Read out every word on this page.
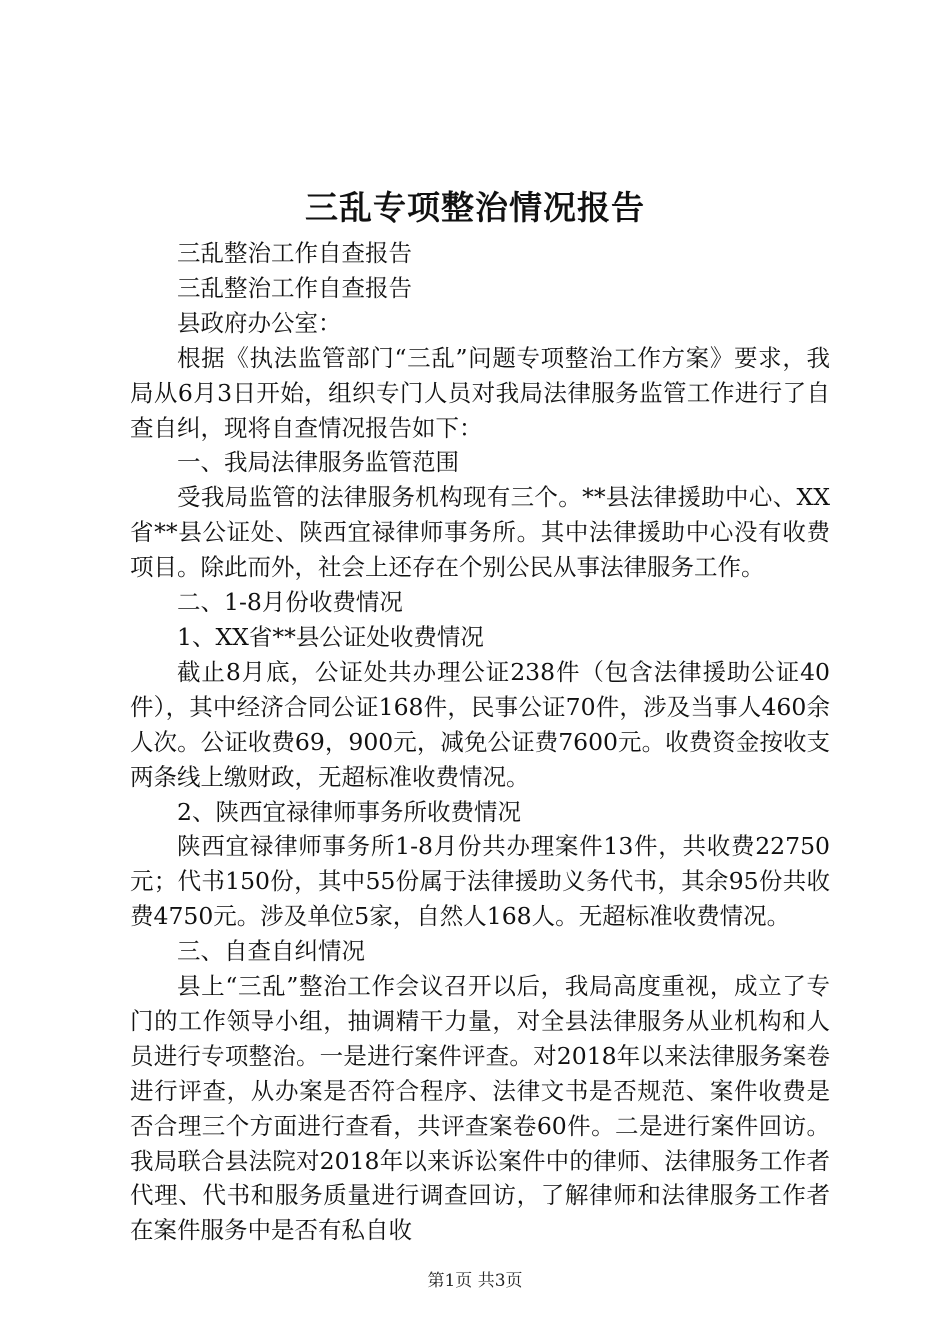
三乱专项整治情况报告

三乱整治工作自查报告

三乱整治工作自查报告

县政府办公室：

根据《执法监管部门“三乱”问题专项整治工作方案》要求，我局从6月3日开始，组织专门人员对我局法律服务监管工作进行了自查自纠，现将自查情况报告如下：

一、我局法律服务监管范围

受我局监管的法律服务机构现有三个。**县法律援助中心、XX省**县公证处、陕西宜禄律师事务所。其中法律援助中心没有收费项目。除此而外，社会上还存在个别公民从事法律服务工作。

二、1-8月份收费情况

1、XX省**县公证处收费情况

截止8月底，公证处共办理公证238件（包含法律援助公证40件），其中经济合同公证168件，民事公证70件，涉及当事人460余人次。公证收费69，900元，减免公证费7600元。收费资金按收支两条线上缴财政，无超标准收费情况。

2、陕西宜禄律师事务所收费情况

陕西宜禄律师事务所1-8月份共办理案件13件，共收费22750元；代书150份，其中55份属于法律援助义务代书，其余95份共收费4750元。涉及单位5家，自然人168人。无超标准收费情况。

三、自查自纠情况

县上“三乱”整治工作会议召开以后，我局高度重视，成立了专门的工作领导小组，抽调精干力量，对全县法律服务从业机构和人员进行专项整治。一是进行案件评查。对2018年以来法律服务案卷进行评查，从办案是否符合程序、法律文书是否规范、案件收费是否合理三个方面进行查看，共评查案卷60件。二是进行案件回访。我局联合县法院对2018年以来诉讼案件中的律师、法律服务工作者代理、代书和服务质量进行调查回访，了解律师和法律服务工作者在案件服务中是否有私自收

第1页 共3页
